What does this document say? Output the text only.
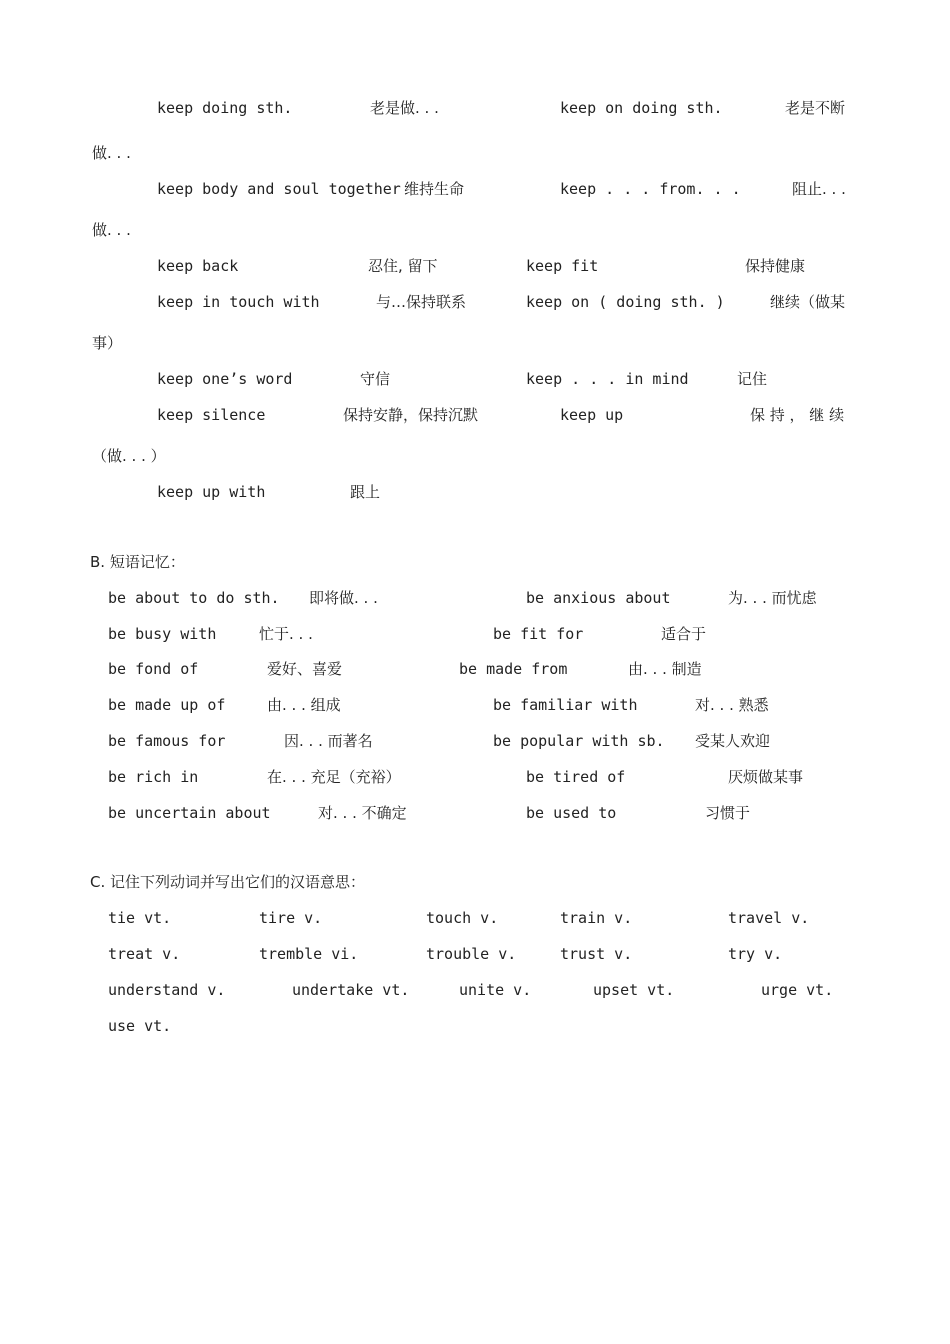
keep doing sth.	老是做. . .	keep on doing sth.	老是不断
做. . .
keep body and soul together 维持生命	keep . . . from. . .	阻止. . .
做. . .
keep back	忍住, 留下	keep fit	保持健康
keep in touch with	与…保持联系	keep on ( doing sth. )	继续（做某
事）
keep one’s word	守信	keep . . . in mind	记住
keep silence	保持安静，保持沉默	keep up	保 持 ， 继 续
（做. . . ）
keep up with	跟上
B. 短语记忆：
be about to do sth. 即将做. . .	be anxious about	为. . . 而忧虑
be busy with	忙于. . .	be fit for	适合于
be fond of	爱好、喜爱	be made from	由. . . 制造
be made up of	由. . . 组成	be familiar with	对. . . 熟悉
be famous for	因. . . 而著名	be popular with sb. 受某人欢迎
be rich in	在. . . 充足（充裕）	be tired of	厌烦做某事
be uncertain about	对. . . 不确定	be used to	习惯于
C. 记住下列动词并写出它们的汉语意思：
tie vt.	tire v.	touch v.	train v.	travel v.
treat v.	tremble vi.	trouble v.	trust v.	try v.
understand v.	undertake vt.	unite v.	upset vt.	urge vt.
use vt.
